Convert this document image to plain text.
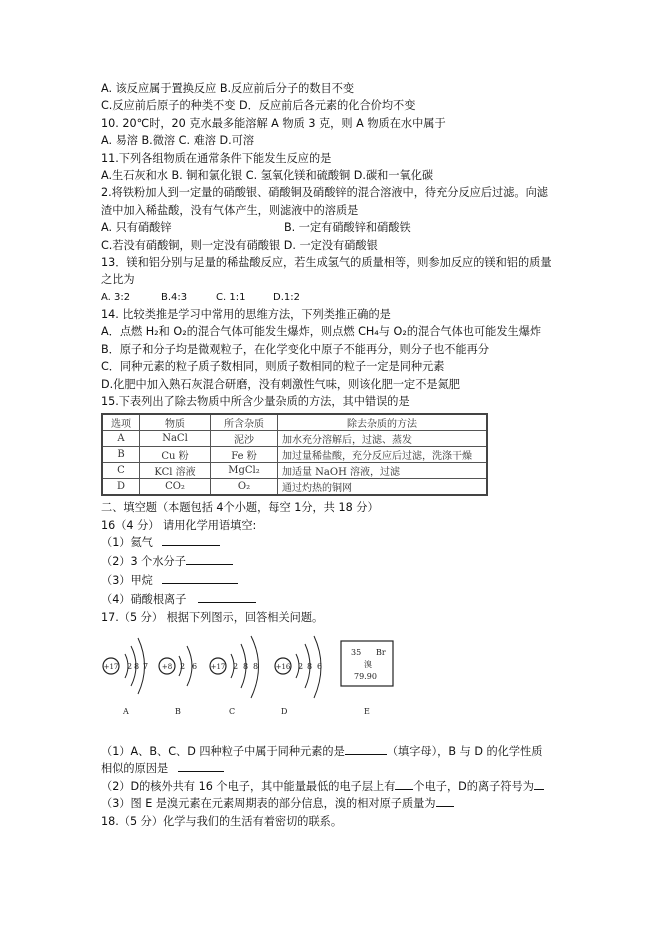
A. 该反应属于置换反应 B.反应前后分子的数目不变
C.反应前后原子的种类不变 D．反应前后各元素的化合价均不变
10. 20℃时，20 克水最多能溶解 A 物质 3 克，则 A 物质在水中属于
A. 易溶 B.微溶 C. 难溶 D.可溶
11.下列各组物质在通常条件下能发生反应的是
A.生石灰和水 B. 铜和氯化银 C. 氢氧化镁和硫酸铜 D.碳和一氧化碳
2.将铁粉加人到一定量的硝酸银、硝酸铜及硝酸锌的混合溶液中，待充分反应后过滤。向滤
渣中加入稀盐酸，没有气体产生，则滤液中的溶质是
A. 只有硝酸锌	B. 一定有硝酸锌和硝酸铁
C.若没有硝酸铜，则一定没有硝酸银 D. 一定没有硝酸银
13．镁和铝分别与足量的稀盐酸反应，若生成氢气的质量相等，则参加反应的镁和铝的质量
之比为
A. 3:2	B.4:3	C. 1:1	D.1:2
14. 比较类推是学习中常用的思维方法，下列类推正确的是
A．点燃 H₂和 O₂的混合气体可能发生爆炸，则点燃 CH₄与 O₂的混合气体也可能发生爆炸
B．原子和分子均是微观粒子，在化学变化中原子不能再分，则分子也不能再分
C．同种元素的粒子质子数相同，则质子数相同的粒子一定是同种元素
D.化肥中加入熟石灰混合研磨，没有刺激性气味，则该化肥一定不是氮肥
15.下表列出了除去物质中所含少量杂质的方法，其中错误的是
选项	物质	所含杂质	除去杂质的方法
A	NaCl	泥沙	加水充分溶解后，过滤、蒸发
B	Cu 粉	Fe 粉	加过量稀盐酸，充分反应后过滤，洗涤干燥
C	KCl 溶液	MgCl₂	加适量 NaOH 溶液，过滤
D	CO₂	O₂	通过灼热的铜网
二、填空题（本题包括 4个小题，每空 1分，共 18 分）
16（4 分） 请用化学用语填空:
（1）氦气
（2）3 个水分子
（3）甲烷
（4）硝酸根离子
17.（5 分） 根据下列图示，回答相关问题。
+17 2 8 7
A
+8 2 6
B
+17 2 8 8
C
+16 2 8 6
D
35 Br
溴
79.90
E
（1）A、B、C、D 四种粒子中属于同种元素的是	（填字母），B 与 D 的化学性质
相似的原因是
（2）D的核外共有 16 个电子，其中能量最低的电子层上有 个电子，D的离子符号为
（3）图 E 是溴元素在元素周期表的部分信息，溴的相对原子质量为
18.（5 分）化学与我们的生活有着密切的联系。
